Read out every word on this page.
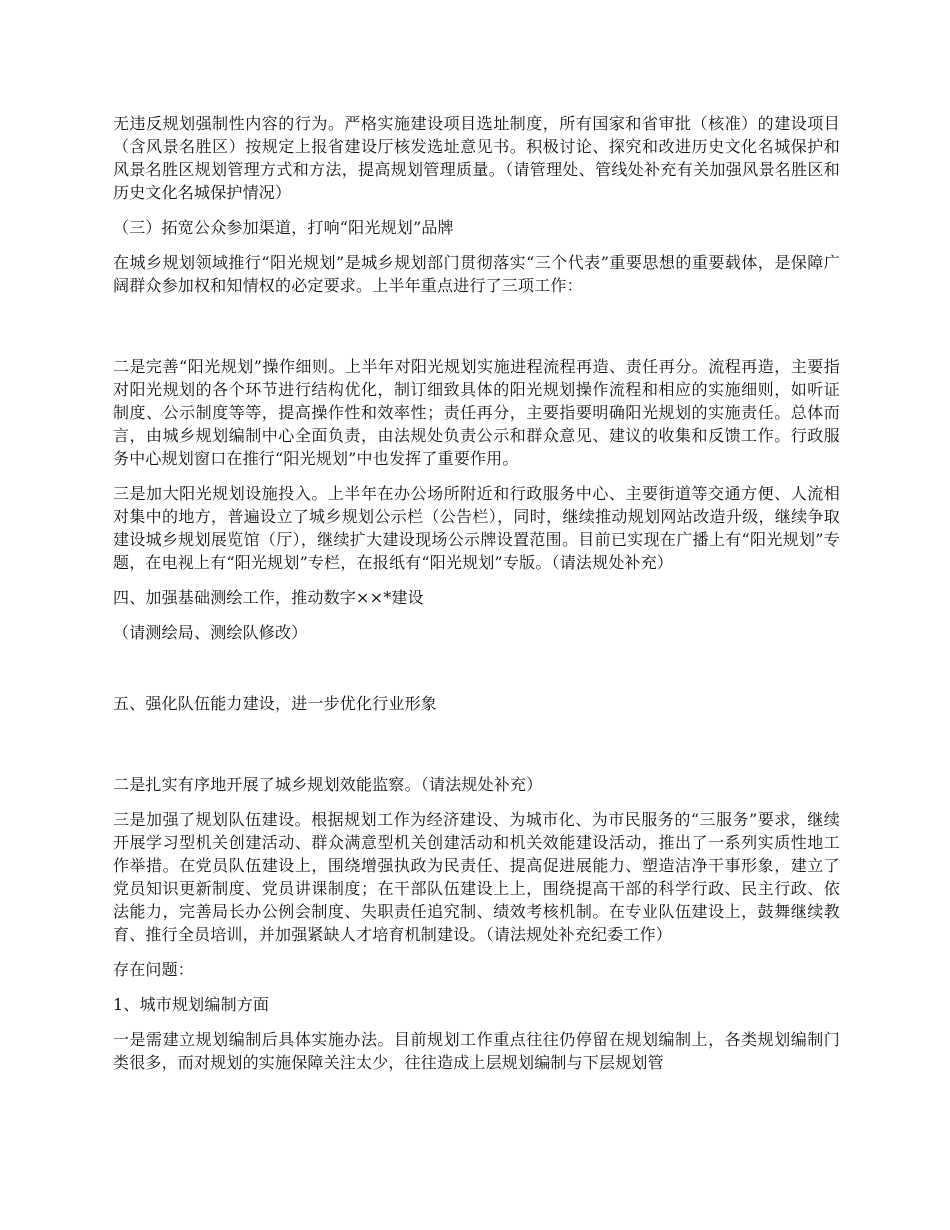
无违反规划强制性内容的行为。严格实施建设项目选址制度，所有国家和省审批（核准）的建设项目（含风景名胜区）按规定上报省建设厅核发选址意见书。积极讨论、探究和改进历史文化名城保护和风景名胜区规划管理方式和方法，提高规划管理质量。（请管理处、管线处补充有关加强风景名胜区和历史文化名城保护情况）

（三）拓宽公众参加渠道，打响“阳光规划”品牌

在城乡规划领域推行“阳光规划”是城乡规划部门贯彻落实“三个代表”重要思想的重要载体，是保障广阔群众参加权和知情权的必定要求。上半年重点进行了三项工作：

二是完善“阳光规划”操作细则。上半年对阳光规划实施进程流程再造、责任再分。流程再造，主要指对阳光规划的各个环节进行结构优化，制订细致具体的阳光规划操作流程和相应的实施细则，如听证制度、公示制度等等，提高操作性和效率性；责任再分，主要指要明确阳光规划的实施责任。总体而言，由城乡规划编制中心全面负责，由法规处负责公示和群众意见、建议的收集和反馈工作。行政服务中心规划窗口在推行“阳光规划”中也发挥了重要作用。

三是加大阳光规划设施投入。上半年在办公场所附近和行政服务中心、主要街道等交通方便、人流相对集中的地方，普遍设立了城乡规划公示栏（公告栏），同时，继续推动规划网站改造升级，继续争取建设城乡规划展览馆（厅），继续扩大建设现场公示牌设置范围。目前已实现在广播上有“阳光规划”专题，在电视上有“阳光规划”专栏，在报纸有“阳光规划”专版。（请法规处补充）

四、加强基础测绘工作，推动数字××*建设

（请测绘局、测绘队修改）

五、强化队伍能力建设，进一步优化行业形象

二是扎实有序地开展了城乡规划效能监察。（请法规处补充）

三是加强了规划队伍建设。根据规划工作为经济建设、为城市化、为市民服务的“三服务”要求，继续开展学习型机关创建活动、群众满意型机关创建活动和机关效能建设活动，推出了一系列实质性地工作举措。在党员队伍建设上，围绕增强执政为民责任、提高促进展能力、塑造洁净干事形象，建立了党员知识更新制度、党员讲课制度；在干部队伍建设上上，围绕提高干部的科学行政、民主行政、依法能力，完善局长办公例会制度、失职责任追究制、绩效考核机制。在专业队伍建设上，鼓舞继续教育、推行全员培训，并加强紧缺人才培育机制建设。（请法规处补充纪委工作）

存在问题：

1、城市规划编制方面

一是需建立规划编制后具体实施办法。目前规划工作重点往往仍停留在规划编制上，各类规划编制门类很多，而对规划的实施保障关注太少，往往造成上层规划编制与下层规划管
